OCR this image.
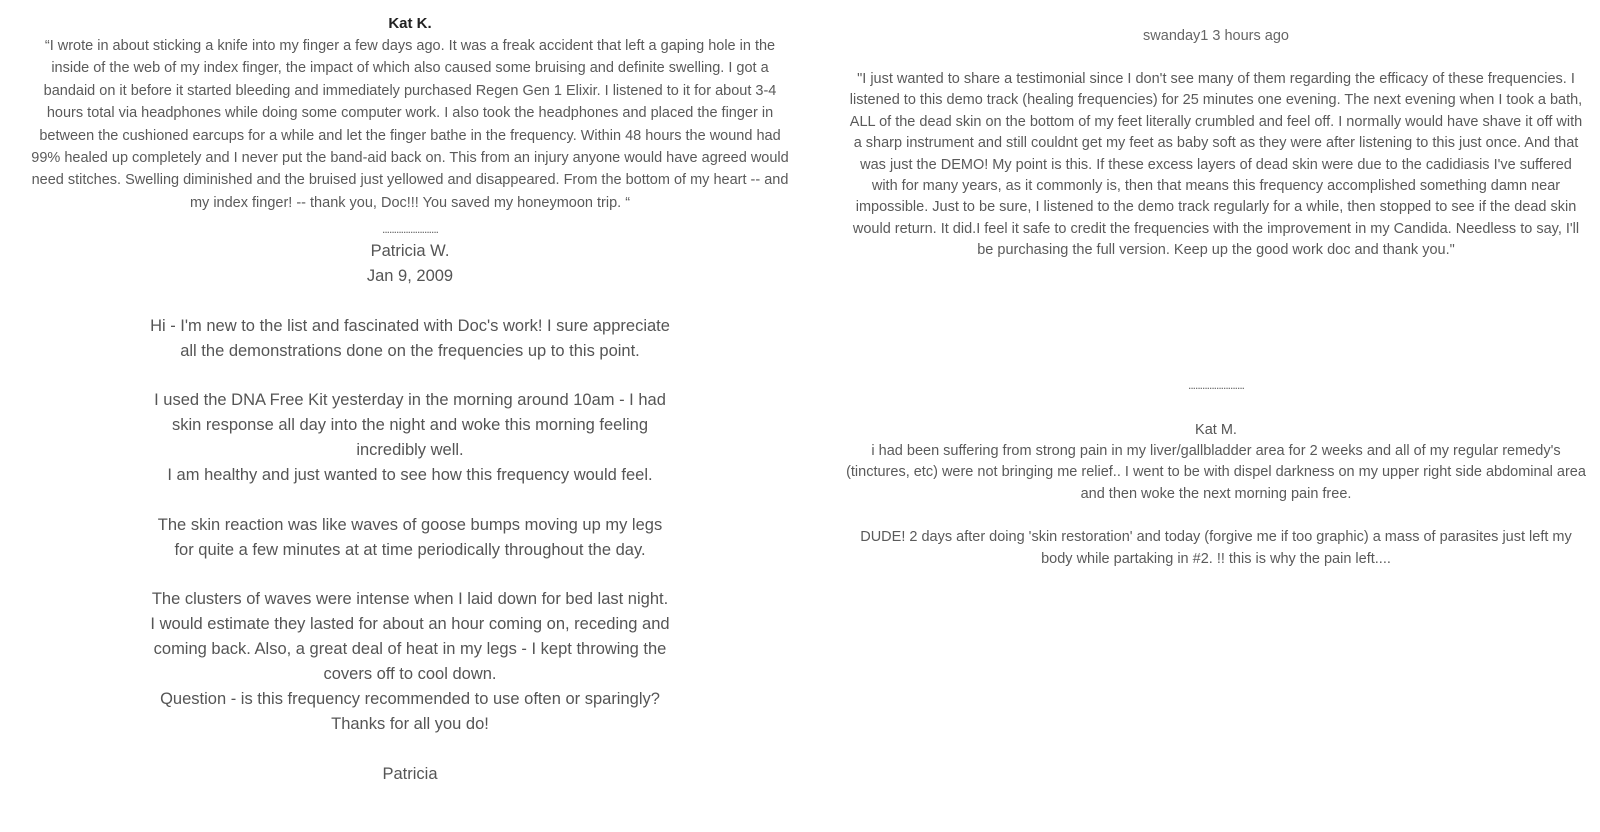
Kat K.

“I wrote in about sticking a knife into my finger a few days ago. It was a freak accident that left a gaping hole in the inside of the web of my index finger, the impact of which also caused some bruising and definite swelling. I got a bandaid on it before it started bleeding and immediately purchased Regen Gen 1 Elixir. I listened to it for about 3-4 hours total via headphones while doing some computer work. I also took the headphones and placed the finger in between the cushioned earcups for a while and let the finger bathe in the frequency. Within 48 hours the wound had 99% healed up completely and I never put the band-aid back on. This from an injury anyone would have agreed would need stitches. Swelling diminished and the bruised just yellowed and disappeared. From the bottom of my heart -- and my index finger! -- thank you, Doc!!! You saved my honeymoon trip. “

........................
Patricia W.
Jan 9, 2009

Hi - I'm new to the list and fascinated with Doc's work! I sure appreciate all the demonstrations done on the frequencies up to this point.

I used the DNA Free Kit yesterday in the morning around 10am - I had skin response all day into the night and woke this morning feeling incredibly well.

I am healthy and just wanted to see how this frequency would feel.

The skin reaction was like waves of goose bumps moving up my legs for quite a few minutes at at time periodically throughout the day.

The clusters of waves were intense when I laid down for bed last night. I would estimate they lasted for about an hour coming on, receding and coming back. Also, a great deal of heat in my legs - I kept throwing the covers off to cool down.

Question - is this frequency recommended to use often or sparingly?

Thanks for all you do!

Patricia

swanday1 3 hours ago
"I just wanted to share a testimonial since I don't see many of them regarding the efficacy of these frequencies. I listened to this demo track (healing frequencies) for 25 minutes one evening. The next evening when I took a bath, ALL of the dead skin on the bottom of my feet literally crumbled and feel off. I normally would have shave it off with a sharp instrument and still couldnt get my feet as baby soft as they were after listening to this just once. And that was just the DEMO! My point is this. If these excess layers of dead skin were due to the cadidiasis I've suffered with for many years, as it commonly is, then that means this frequency accomplished something damn near impossible. Just to be sure, I listened to the demo track regularly for a while, then stopped to see if the dead skin would return. It did.I feel it safe to credit the frequencies with the improvement in my Candida. Needless to say, I'll be purchasing the full version. Keep up the good work doc and thank you."
........................
Kat M.

i had been suffering from strong pain in my liver/gallbladder area for 2 weeks and all of my regular remedy's (tinctures, etc) were not bringing me relief.. I went to be with dispel darkness on my upper right side abdominal area and then woke the next morning pain free.

DUDE! 2 days after doing 'skin restoration' and today (forgive me if too graphic) a mass of parasites just left my body while partaking in #2. !! this is why the pain left....
